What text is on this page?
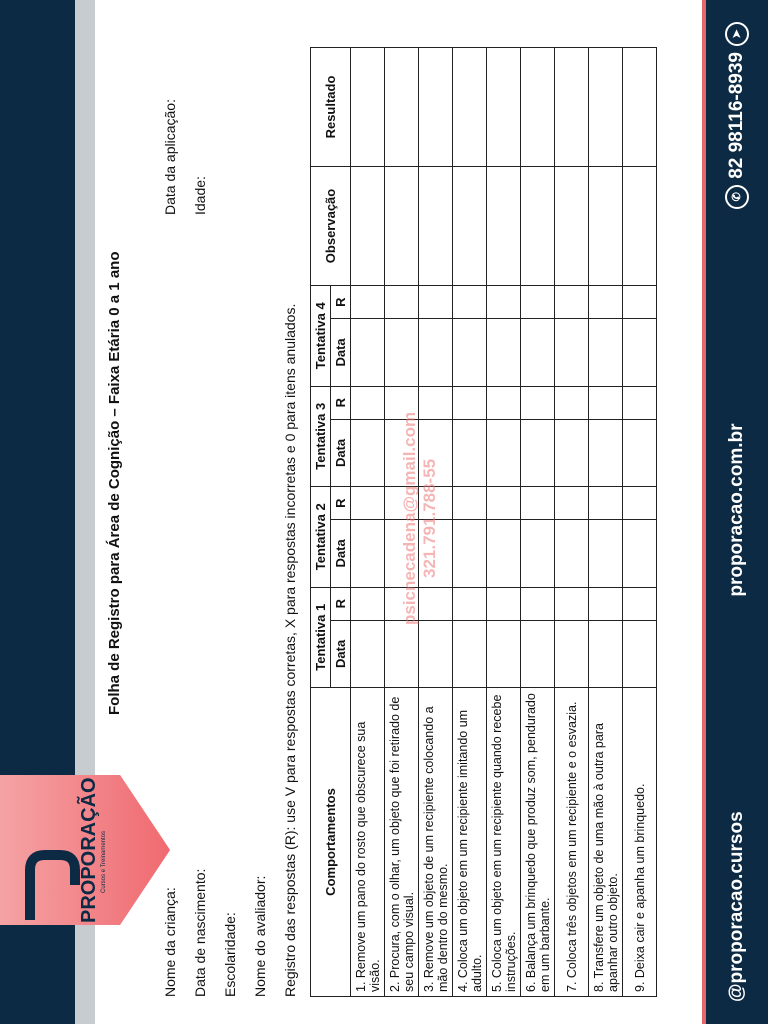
PROPORAÇÃO Cursos e Treinamentos	@proporacao.cursos
proporacao.com.br
✆
82 98116-8939
➤
Folha de Registro para Área de Cognição – Faixa Etária 0 a 1 ano
Nome da criança: Data de nascimento: Escolaridade: Nome do avaliador: Registro das respostas (R): use V para respostas corretas, X para respostas incorretas e 0 para itens anulados.
Data da aplicação: Idade:
Comportamentos	Tentativa 1		Tentativa 2		Tentativa 3		Tentativa 4		Observação	Resultado
	Data	R	Data	R	Data	R	Data	R		
1. Remove um pano do rosto que obscurece sua visão.										
2. Procura, com o olhar, um objeto que foi retirado de seu campo visual.										
3. Remove um objeto de um recipiente colocando a mão dentro do mesmo.										
4. Coloca um objeto em um recipiente imitando um adulto.										
5. Coloca um objeto em um recipiente quando recebe instruções.										
6. Balança um brinquedo que produz som, pendurado em um barbante.										
7. Coloca três objetos em um recipiente e o esvazia.										
8. Transfere um objeto de uma mão à outra para apanhar outro objeto.										
9. Deixa cair e apanha um brinquedo.										
psicnecadena@gmail.com 321.791.788-55
